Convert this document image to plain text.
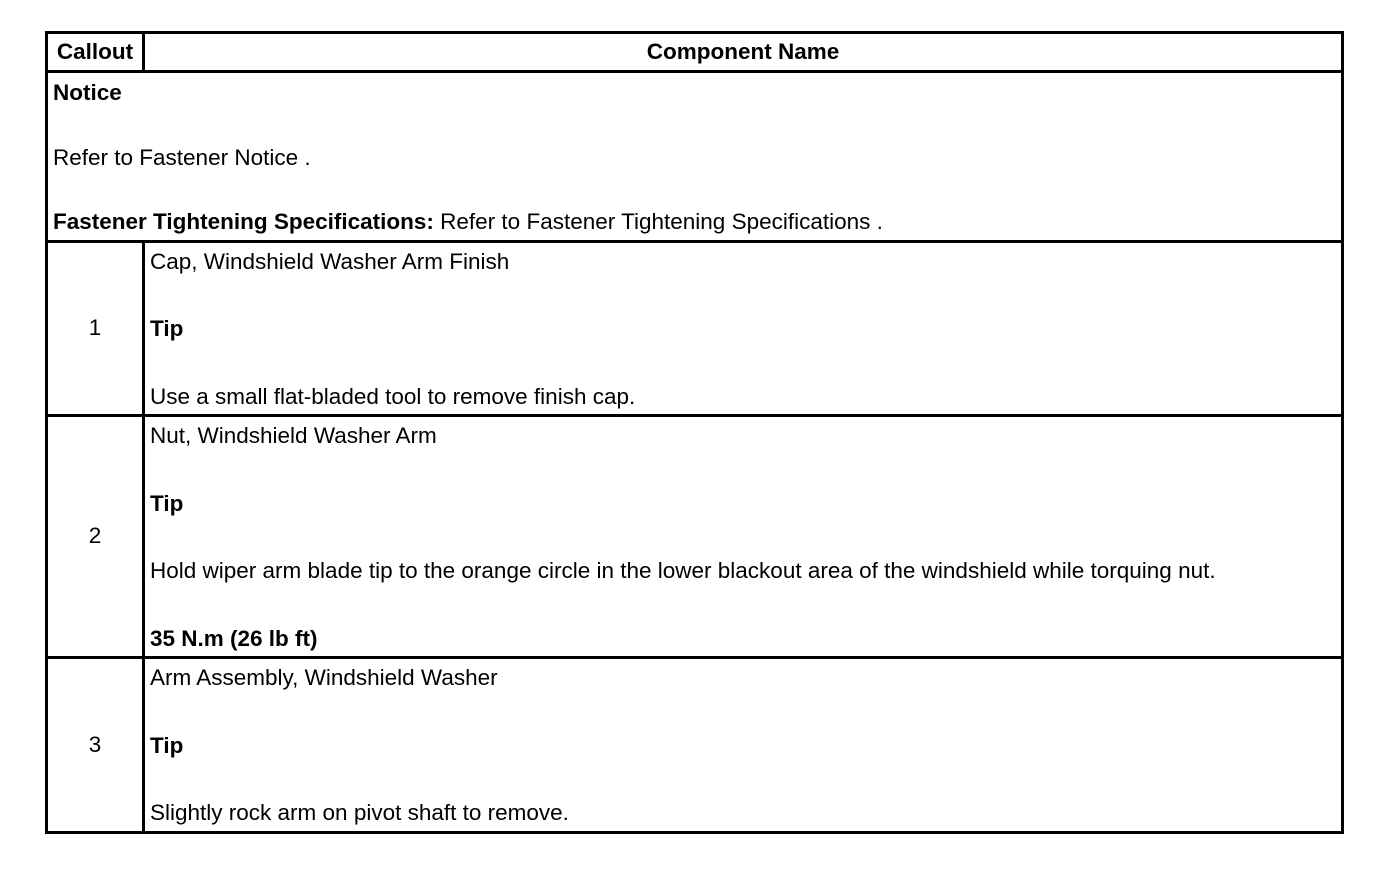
Callout	Component Name

Notice

Refer to Fastener Notice .

Fastener Tightening Specifications: Refer to Fastener Tightening Specifications .	

1	Cap, Windshield Washer Arm Finish

Tip

Use a small flat-bladed tool to remove finish cap.

2	Nut, Windshield Washer Arm

Tip

Hold wiper arm blade tip to the orange circle in the lower blackout area of the windshield while torquing nut.

35 N.m (26 lb ft)

3	Arm Assembly, Windshield Washer

Tip

Slightly rock arm on pivot shaft to remove.
